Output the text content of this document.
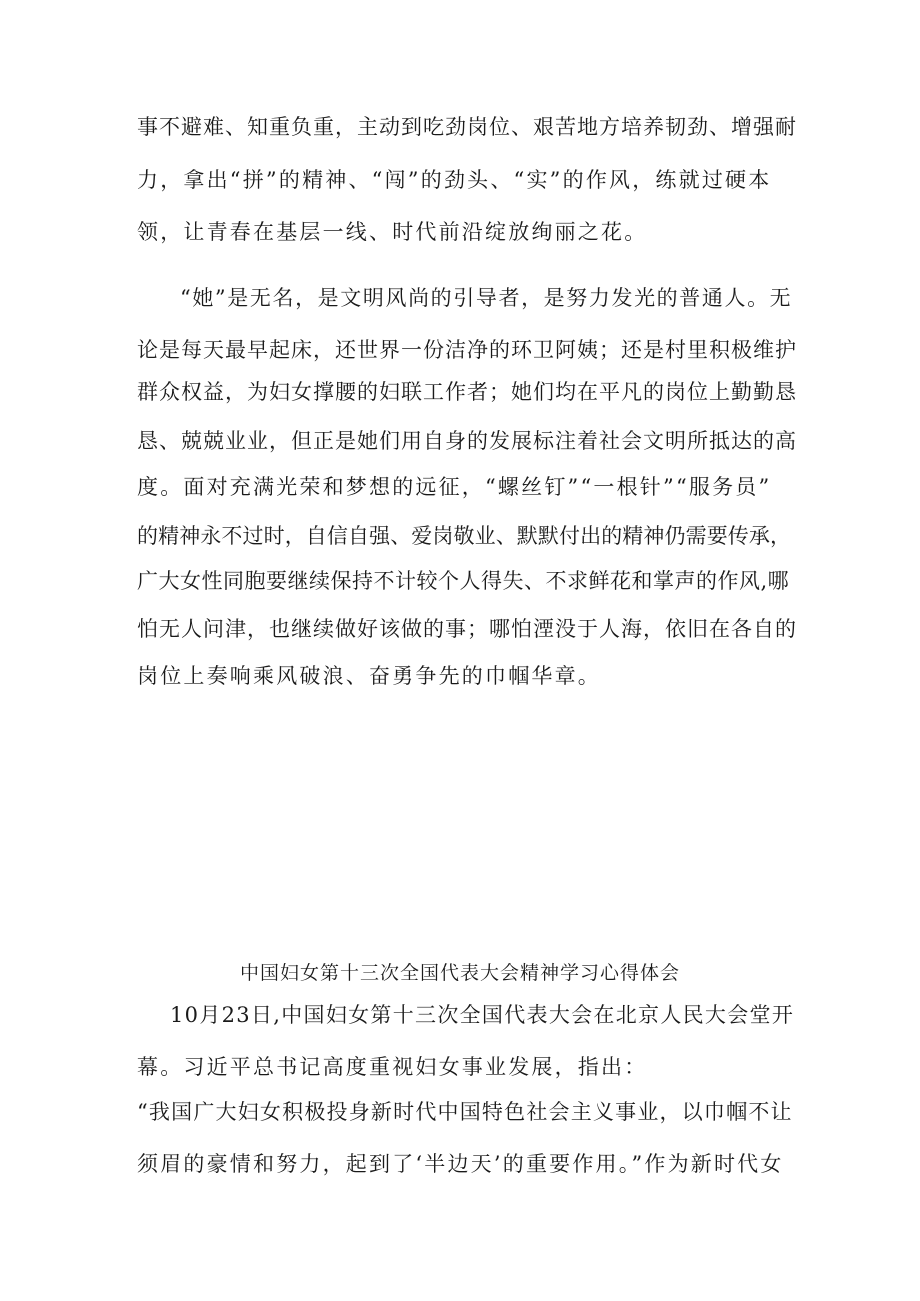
事不避难、知重负重，主动到吃劲岗位、艰苦地方培养韧劲、增强耐
力，拿出“拼”的精神、“闯”的劲头、“实”的作风，练就过硬本
领，让青春在基层一线、时代前沿绽放绚丽之花。
“她”是无名，是文明风尚的引导者，是努力发光的普通人。无
论是每天最早起床，还世界一份洁净的环卫阿姨；还是村里积极维护
群众权益，为妇女撑腰的妇联工作者；她们均在平凡的岗位上勤勤恳
恳、兢兢业业，但正是她们用自身的发展标注着社会文明所抵达的高
度。面对充满光荣和梦想的远征，“螺丝钉”“一根针”“服务员”
的精神永不过时，自信自强、爱岗敬业、默默付出的精神仍需要传承，
广大女性同胞要继续保持不计较个人得失、不求鲜花和掌声的作风,哪
怕无人问津，也继续做好该做的事；哪怕湮没于人海，依旧在各自的
岗位上奏响乘风破浪、奋勇争先的巾帼华章。
中国妇女第十三次全国代表大会精神学习心得体会
10月23日,中国妇女第十三次全国代表大会在北京人民大会堂开
幕。习近平总书记高度重视妇女事业发展，指出：
“我国广大妇女积极投身新时代中国特色社会主义事业，以巾帼不让
须眉的豪情和努力，起到了‘半边天’的重要作用。”作为新时代女
